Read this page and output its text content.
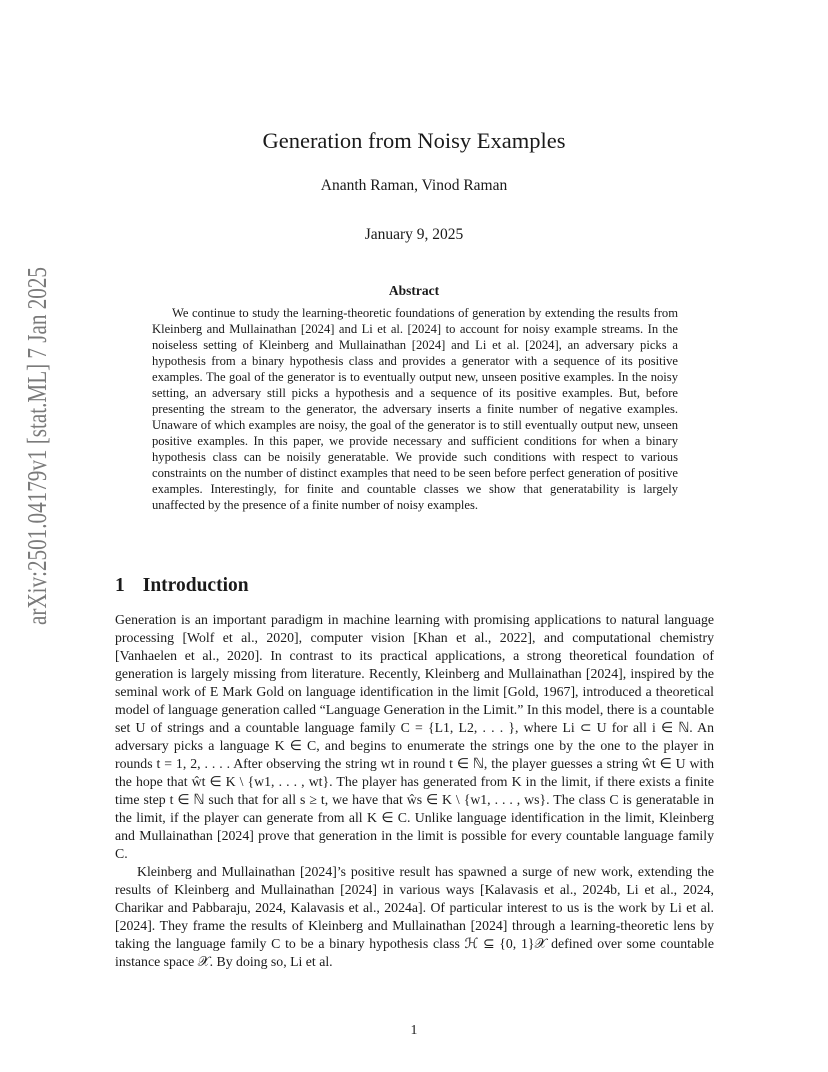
arXiv:2501.04179v1 [stat.ML] 7 Jan 2025
Generation from Noisy Examples
Ananth Raman, Vinod Raman
January 9, 2025
Abstract
We continue to study the learning-theoretic foundations of generation by extending the results from Kleinberg and Mullainathan [2024] and Li et al. [2024] to account for noisy example streams. In the noiseless setting of Kleinberg and Mullainathan [2024] and Li et al. [2024], an adversary picks a hypothesis from a binary hypothesis class and provides a generator with a sequence of its positive examples. The goal of the generator is to eventually output new, unseen positive examples. In the noisy setting, an adversary still picks a hypothesis and a sequence of its positive examples. But, before presenting the stream to the generator, the adversary inserts a finite number of negative examples. Unaware of which examples are noisy, the goal of the generator is to still eventually output new, unseen positive examples. In this paper, we provide necessary and sufficient conditions for when a binary hypothesis class can be noisily generatable. We provide such conditions with respect to various constraints on the number of distinct examples that need to be seen before perfect generation of positive examples. Interestingly, for finite and countable classes we show that generatability is largely unaffected by the presence of a finite number of noisy examples.
1 Introduction

Generation is an important paradigm in machine learning with promising applications to natural language processing [Wolf et al., 2020], computer vision [Khan et al., 2022], and computational chemistry [Vanhaelen et al., 2020]. In contrast to its practical applications, a strong theoretical foundation of generation is largely missing from literature. Recently, Kleinberg and Mullainathan [2024], inspired by the seminal work of E Mark Gold on language identification in the limit [Gold, 1967], introduced a theoretical model of language generation called “Language Generation in the Limit.” In this model, there is a countable set U of strings and a countable language family C = {L1, L2, . . . }, where Li ⊂ U for all i ∈ ℕ. An adversary picks a language K ∈ C, and begins to enumerate the strings one by the one to the player in rounds t = 1, 2, . . . . After observing the string wt in round t ∈ ℕ, the player guesses a string ŵt ∈ U with the hope that ŵt ∈ K \ {w1, . . . , wt}. The player has generated from K in the limit, if there exists a finite time step t ∈ ℕ such that for all s ≥ t, we have that ŵs ∈ K \ {w1, . . . , ws}. The class C is generatable in the limit, if the player can generate from all K ∈ C. Unlike language identification in the limit, Kleinberg and Mullainathan [2024] prove that generation in the limit is possible for every countable language family C.

Kleinberg and Mullainathan [2024]’s positive result has spawned a surge of new work, extending the results of Kleinberg and Mullainathan [2024] in various ways [Kalavasis et al., 2024b, Li et al., 2024, Charikar and Pabbaraju, 2024, Kalavasis et al., 2024a]. Of particular interest to us is the work by Li et al. [2024]. They frame the results of Kleinberg and Mullainathan [2024] through a learning-theoretic lens by taking the language family C to be a binary hypothesis class ℋ ⊆ {0, 1}𝒳 defined over some countable instance space 𝒳. By doing so, Li et al.

1
